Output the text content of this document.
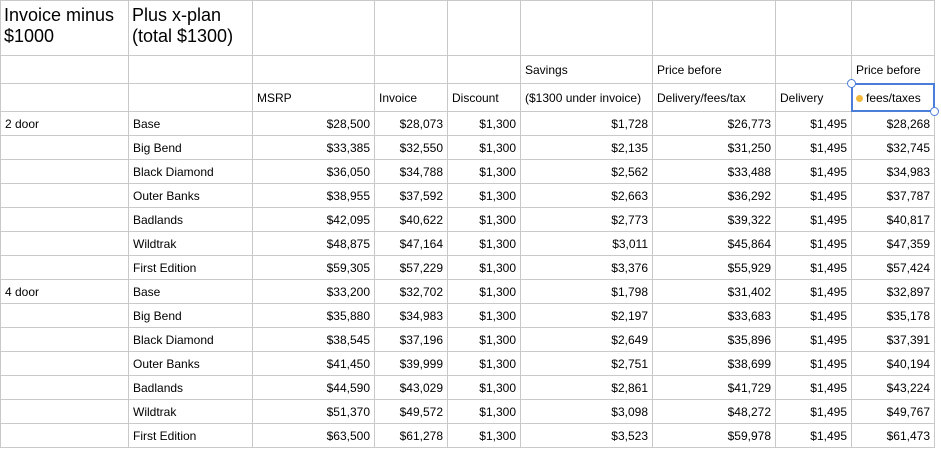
Invoice minus $1000	Plus x-plan (total $1300)							
					Savings	Price before		Price before
		MSRP	Invoice	Discount	($1300 under invoice)	Delivery/fees/tax	Delivery	fees/taxes
2 door	Base	$28,500	$28,073	$1,300	$1,728	$26,773	$1,495	$28,268
	Big Bend	$33,385	$32,550	$1,300	$2,135	$31,250	$1,495	$32,745
	Black Diamond	$36,050	$34,788	$1,300	$2,562	$33,488	$1,495	$34,983
	Outer Banks	$38,955	$37,592	$1,300	$2,663	$36,292	$1,495	$37,787
	Badlands	$42,095	$40,622	$1,300	$2,773	$39,322	$1,495	$40,817
	Wildtrak	$48,875	$47,164	$1,300	$3,011	$45,864	$1,495	$47,359
	First Edition	$59,305	$57,229	$1,300	$3,376	$55,929	$1,495	$57,424
4 door	Base	$33,200	$32,702	$1,300	$1,798	$31,402	$1,495	$32,897
	Big Bend	$35,880	$34,983	$1,300	$2,197	$33,683	$1,495	$35,178
	Black Diamond	$38,545	$37,196	$1,300	$2,649	$35,896	$1,495	$37,391
	Outer Banks	$41,450	$39,999	$1,300	$2,751	$38,699	$1,495	$40,194
	Badlands	$44,590	$43,029	$1,300	$2,861	$41,729	$1,495	$43,224
	Wildtrak	$51,370	$49,572	$1,300	$3,098	$48,272	$1,495	$49,767
	First Edition	$63,500	$61,278	$1,300	$3,523	$59,978	$1,495	$61,473
